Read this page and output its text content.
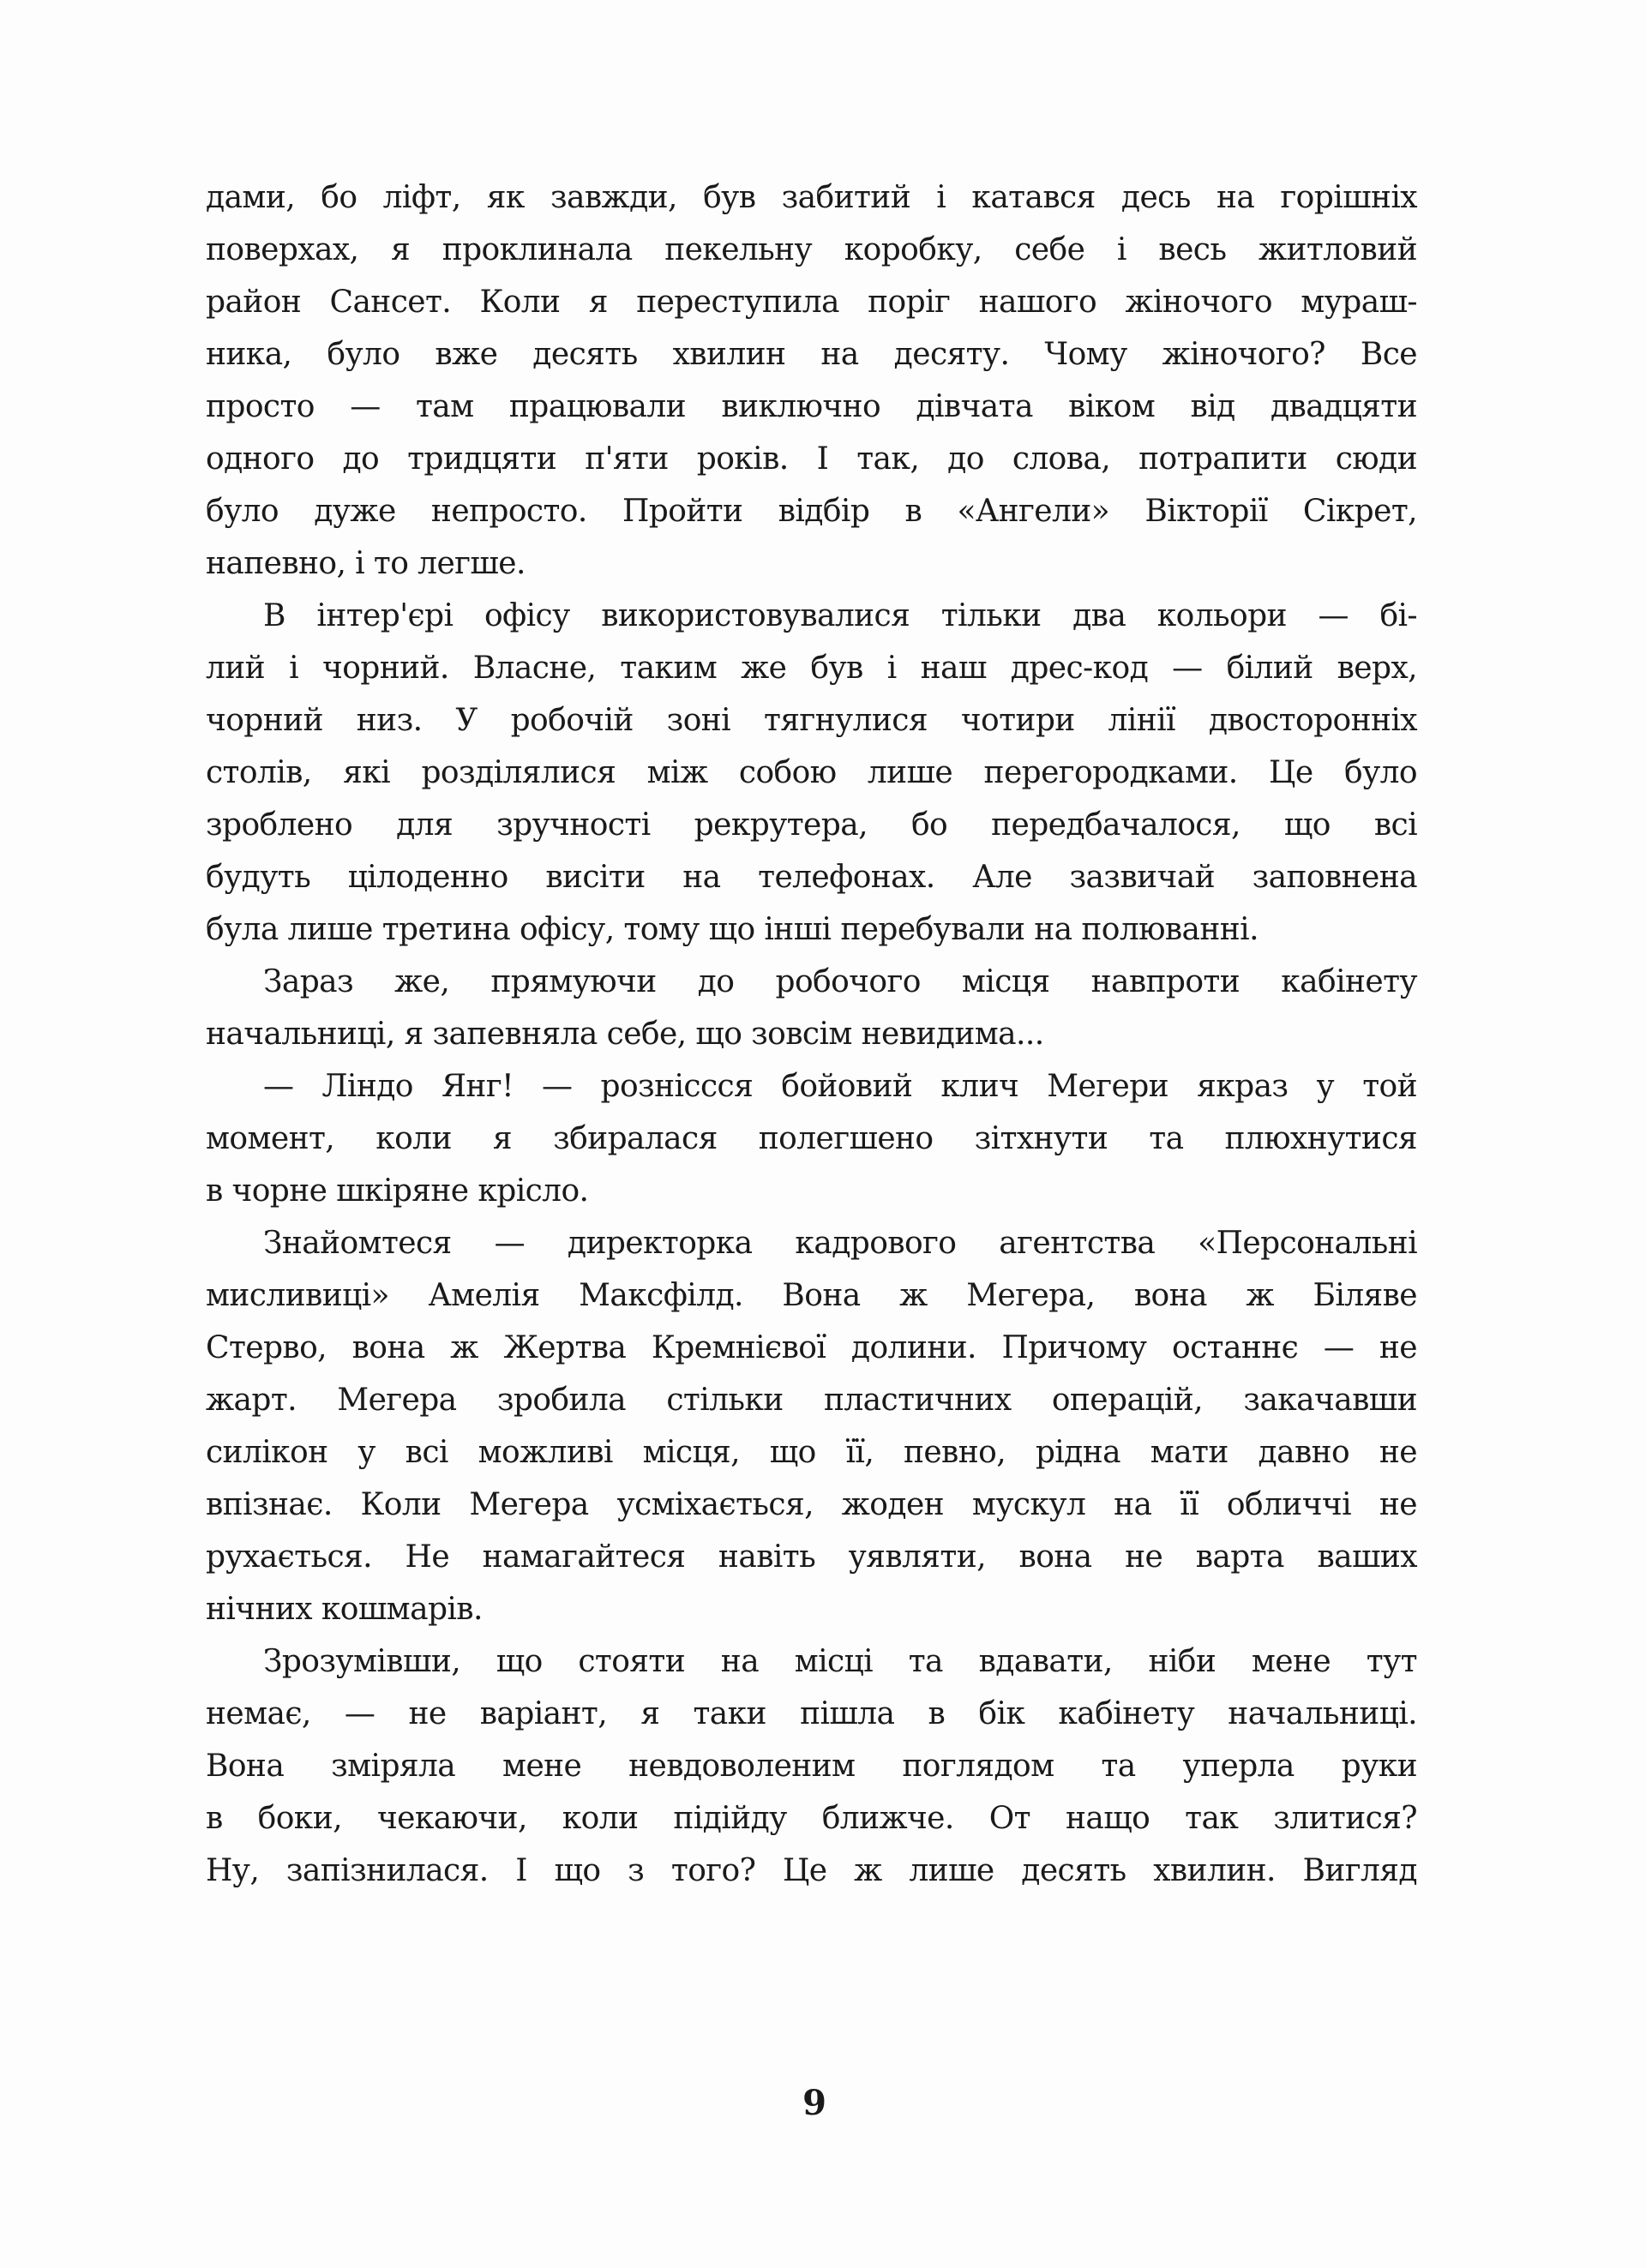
дами, бо ліфт, як завжди, був забитий і катався десь на горішніх
поверхах, я проклинала пекельну коробку, себе і весь житловий
район Сансет. Коли я переступила поріг нашого жіночого мураш-
ника, було вже десять хвилин на десяту. Чому жіночого? Все
просто — там працювали виключно дівчата віком від двадцяти
одного до тридцяти п'яти років. І так, до слова, потрапити сюди
було дуже непросто. Пройти відбір в «Ангели» Вікторії Сікрет,
напевно, і то легше.
В інтер'єрі офісу використовувалися тільки два кольори — бі-
лий і чорний. Власне, таким же був і наш дрес-код — білий верх,
чорний низ. У робочій зоні тягнулися чотири лінії двосторонніх
столів, які розділялися між собою лише перегородками. Це було
зроблено для зручності рекрутера, бо передбачалося, що всі
будуть цілоденно висіти на телефонах. Але зазвичай заповнена
була лише третина офісу, тому що інші перебували на полюванні.
Зараз же, прямуючи до робочого місця навпроти кабінету
начальниці, я запевняла себе, що зовсім невидима...
— Ліндо Янг! — розніссся бойовий клич Мегери якраз у той
момент, коли я збиралася полегшено зітхнути та плюхнутися
в чорне шкіряне крісло.
Знайомтеся — директорка кадрового агентства «Персональні
мисливиці» Амелія Максфілд. Вона ж Мегера, вона ж Біляве
Стерво, вона ж Жертва Кремнієвої долини. Причому останнє — не
жарт. Мегера зробила стільки пластичних операцій, закачавши
силікон у всі можливі місця, що її, певно, рідна мати давно не
впізнає. Коли Мегера усміхається, жоден мускул на її обличчі не
рухається. Не намагайтеся навіть уявляти, вона не варта ваших
нічних кошмарів.
Зрозумівши, що стояти на місці та вдавати, ніби мене тут
немає, — не варіант, я таки пішла в бік кабінету начальниці.
Вона зміряла мене невдоволеним поглядом та уперла руки
в боки, чекаючи, коли підійду ближче. От нащо так злитися?
Ну, запізнилася. І що з того? Це ж лише десять хвилин. Вигляд
9
